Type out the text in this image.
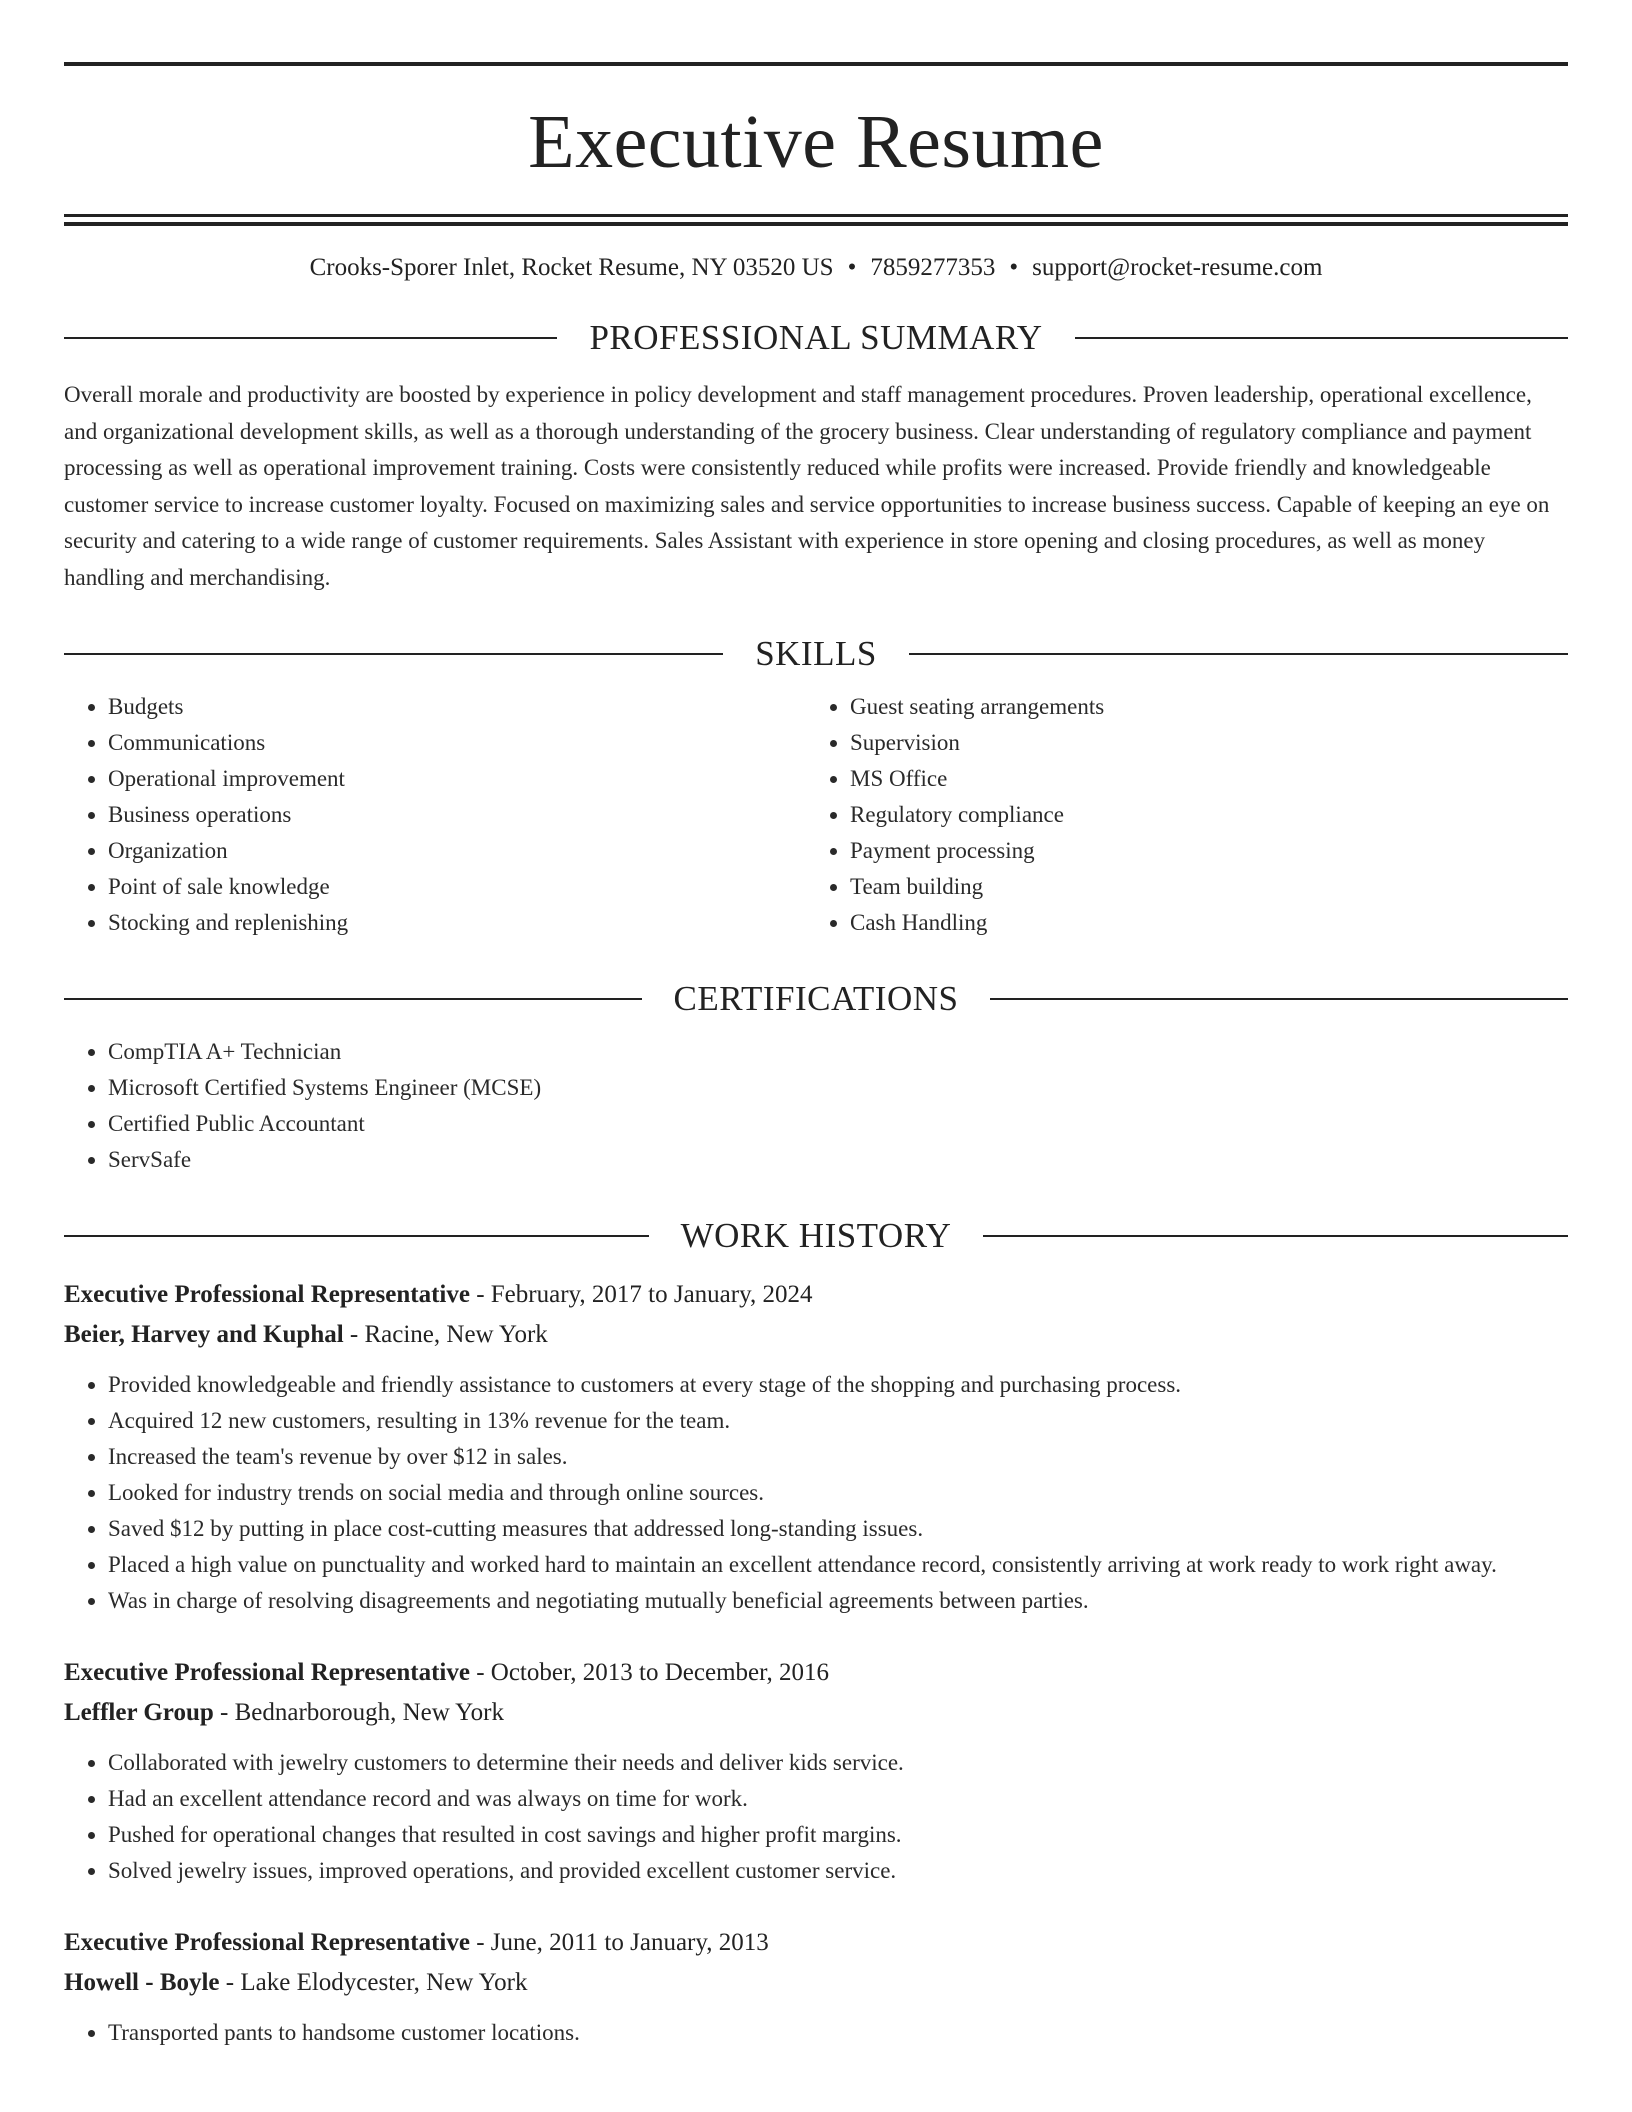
Executive Resume
Crooks-Sporer Inlet, Rocket Resume, NY 03520 US • 7859277353 • support@rocket-resume.com
PROFESSIONAL SUMMARY
Overall morale and productivity are boosted by experience in policy development and staff management procedures. Proven leadership, operational excellence, and organizational development skills, as well as a thorough understanding of the grocery business. Clear understanding of regulatory compliance and payment processing as well as operational improvement training. Costs were consistently reduced while profits were increased. Provide friendly and knowledgeable customer service to increase customer loyalty. Focused on maximizing sales and service opportunities to increase business success. Capable of keeping an eye on security and catering to a wide range of customer requirements. Sales Assistant with experience in store opening and closing procedures, as well as money handling and merchandising.
SKILLS
• Budgets
• Communications
• Operational improvement
• Business operations
• Organization
• Point of sale knowledge
• Stocking and replenishing
• Guest seating arrangements
• Supervision
• MS Office
• Regulatory compliance
• Payment processing
• Team building
• Cash Handling
CERTIFICATIONS
• CompTIA A+ Technician
• Microsoft Certified Systems Engineer (MCSE)
• Certified Public Accountant
• ServSafe
WORK HISTORY
Executive Professional Representative - February, 2017 to January, 2024
Beier, Harvey and Kuphal - Racine, New York
• Provided knowledgeable and friendly assistance to customers at every stage of the shopping and purchasing process.
• Acquired 12 new customers, resulting in 13% revenue for the team.
• Increased the team's revenue by over $12 in sales.
• Looked for industry trends on social media and through online sources.
• Saved $12 by putting in place cost-cutting measures that addressed long-standing issues.
• Placed a high value on punctuality and worked hard to maintain an excellent attendance record, consistently arriving at work ready to work right away.
• Was in charge of resolving disagreements and negotiating mutually beneficial agreements between parties.
Executive Professional Representative - October, 2013 to December, 2016
Leffler Group - Bednarborough, New York
• Collaborated with jewelry customers to determine their needs and deliver kids service.
• Had an excellent attendance record and was always on time for work.
• Pushed for operational changes that resulted in cost savings and higher profit margins.
• Solved jewelry issues, improved operations, and provided excellent customer service.
Executive Professional Representative - June, 2011 to January, 2013
Howell - Boyle - Lake Elodycester, New York
• Transported pants to handsome customer locations.
